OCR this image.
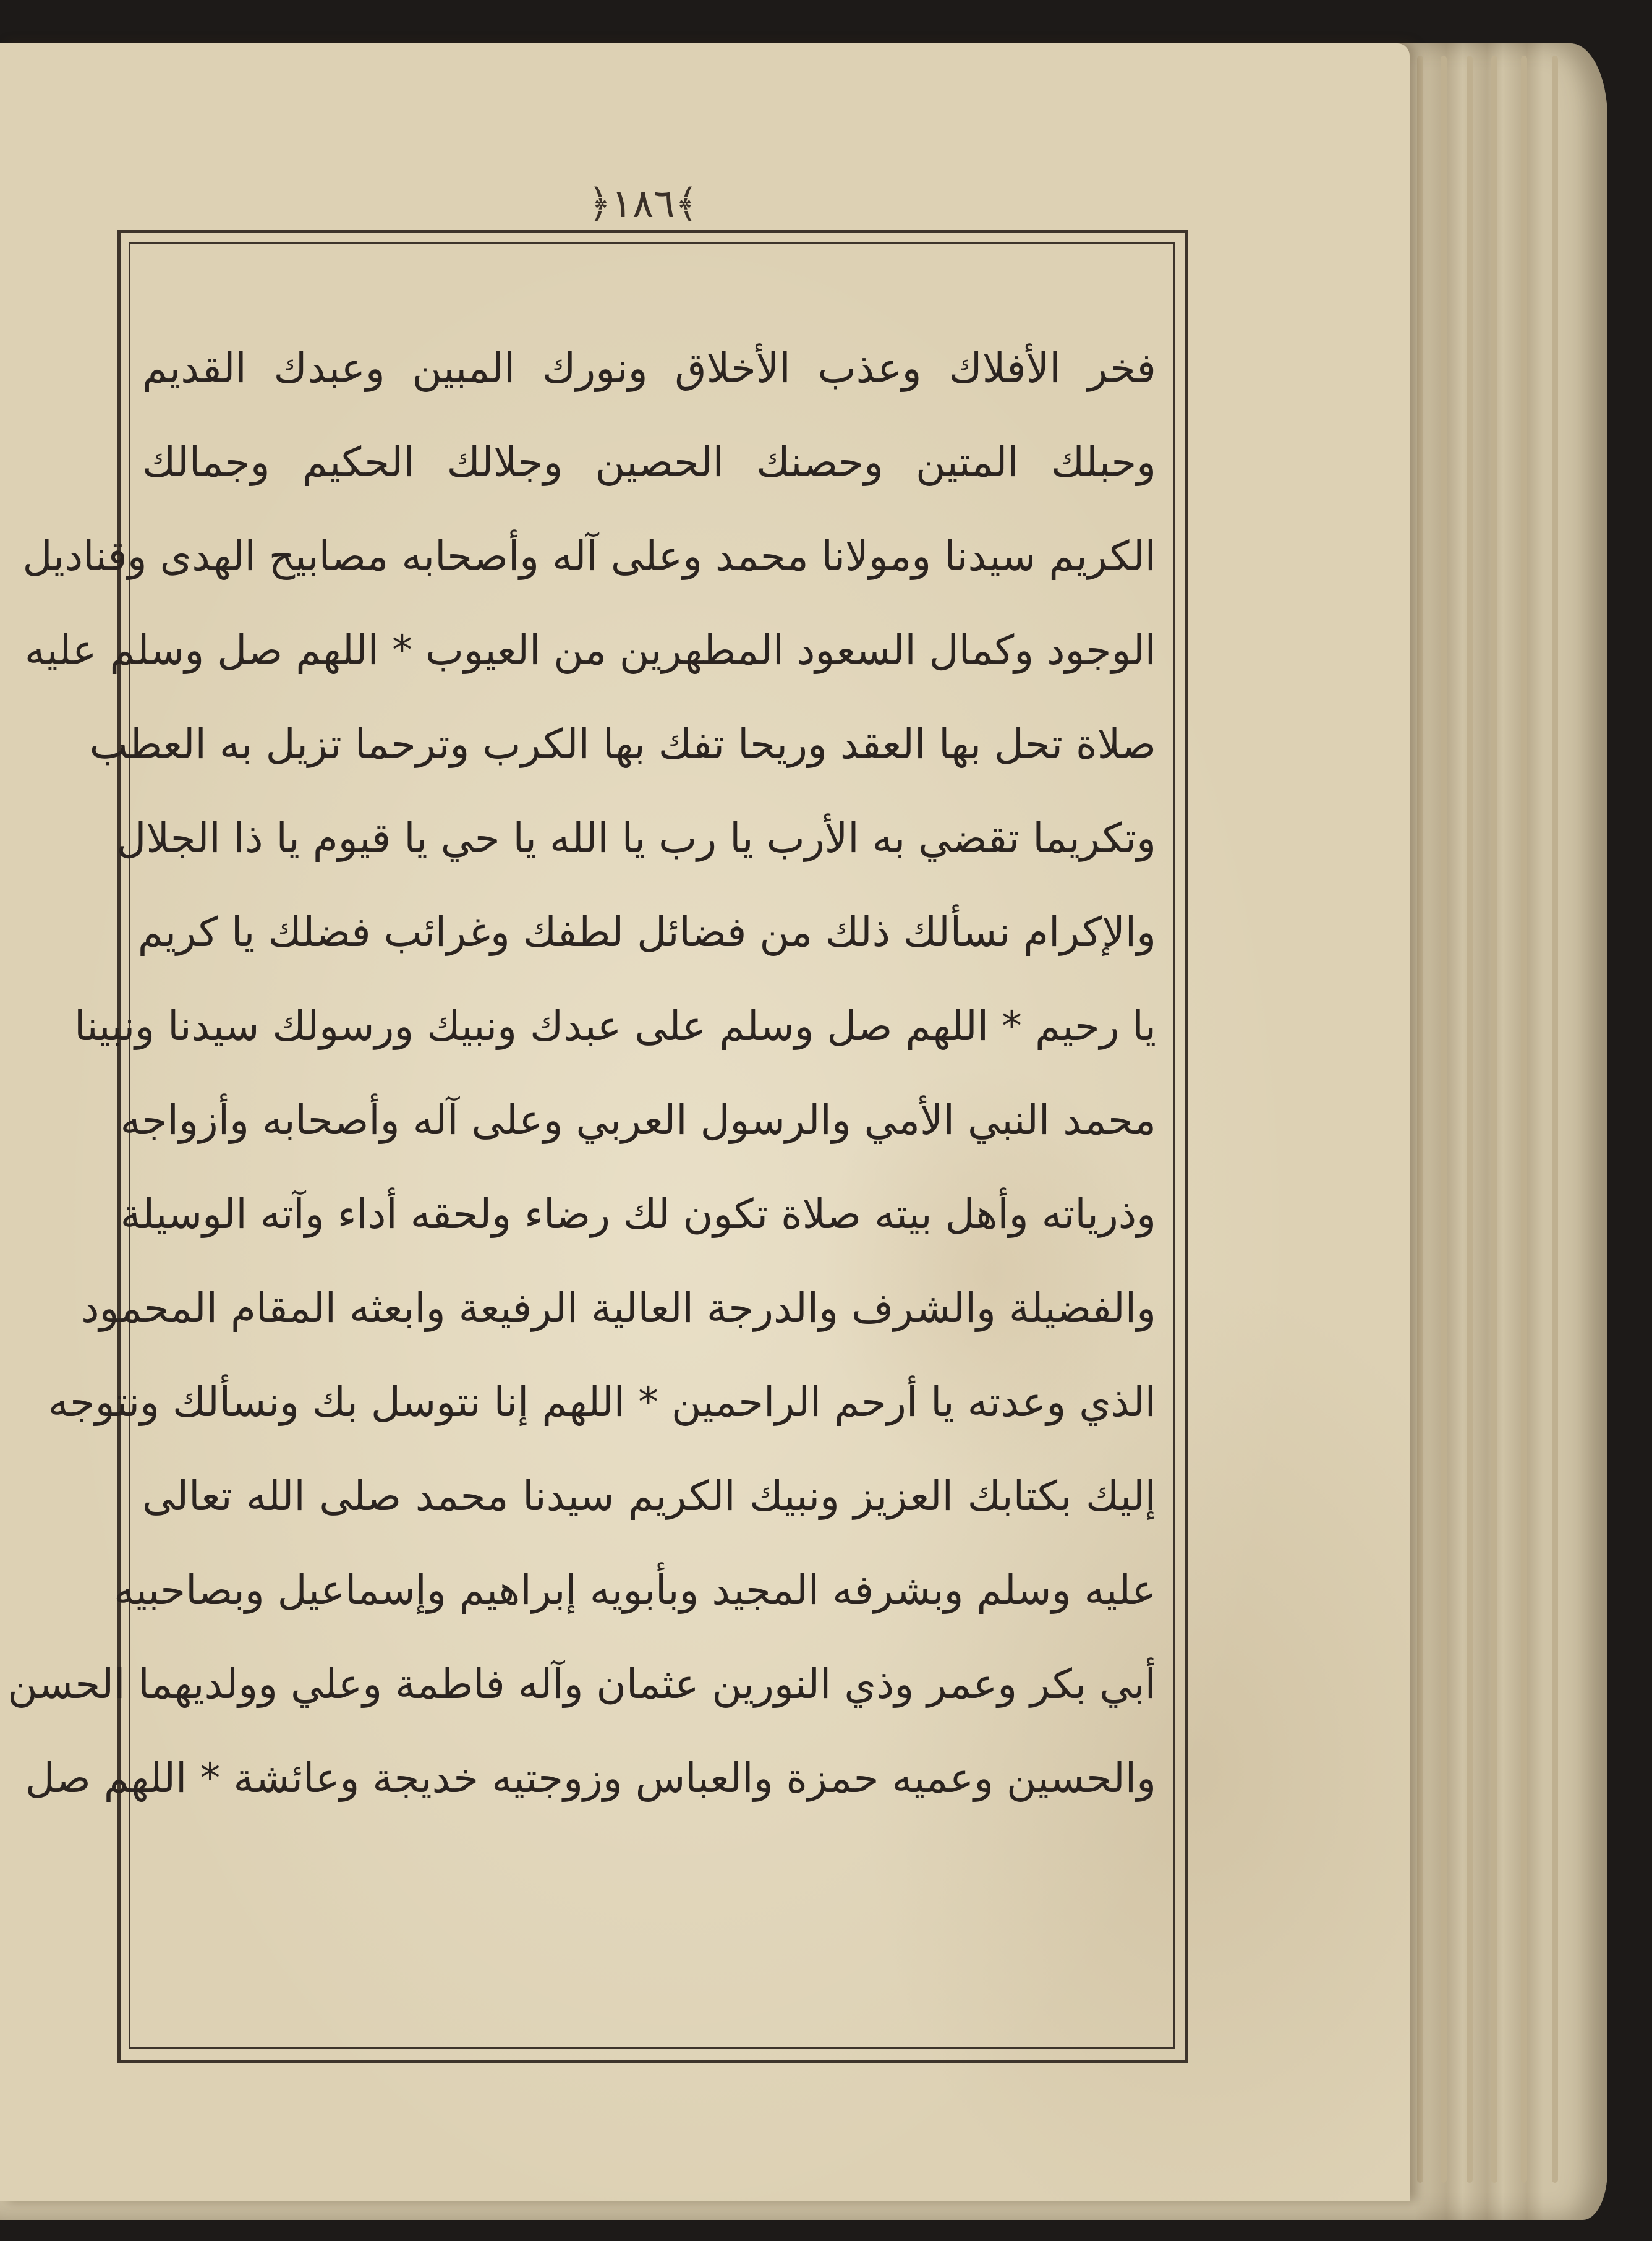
﴿١٨٦﴾
فخر الأفلاك وعذب الأخلاق ونورك المبين وعبدك القديم
وحبلك المتين وحصنك الحصين وجلالك الحكيم وجمالك
الكريم سيدنا ومولانا محمد وعلى آله وأصحابه مصابيح الهدى وقناديل
الوجود وكمال السعود المطهرين من العيوب * اللهم صل وسلم عليه
صلاة تحل بها العقد وريحا تفك بها الكرب وترحما تزيل به العطب
وتكريما تقضي به الأرب يا رب يا الله يا حي يا قيوم يا ذا الجلال
والإكرام نسألك ذلك من فضائل لطفك وغرائب فضلك يا كريم
يا رحيم * اللهم صل وسلم على عبدك ونبيك ورسولك سيدنا ونبينا
محمد النبي الأمي والرسول العربي وعلى آله وأصحابه وأزواجه
وذرياته وأهل بيته صلاة تكون لك رضاء ولحقه أداء وآته الوسيلة
والفضيلة والشرف والدرجة العالية الرفيعة وابعثه المقام المحمود
الذي وعدته يا أرحم الراحمين * اللهم إنا نتوسل بك ونسألك ونتوجه
إليك بكتابك العزيز ونبيك الكريم سيدنا محمد صلى الله تعالى
عليه وسلم وبشرفه المجيد وبأبويه إبراهيم وإسماعيل وبصاحبيه
أبي بكر وعمر وذي النورين عثمان وآله فاطمة وعلي وولديهما الحسن
والحسين وعميه حمزة والعباس وزوجتيه خديجة وعائشة * اللهم صل
